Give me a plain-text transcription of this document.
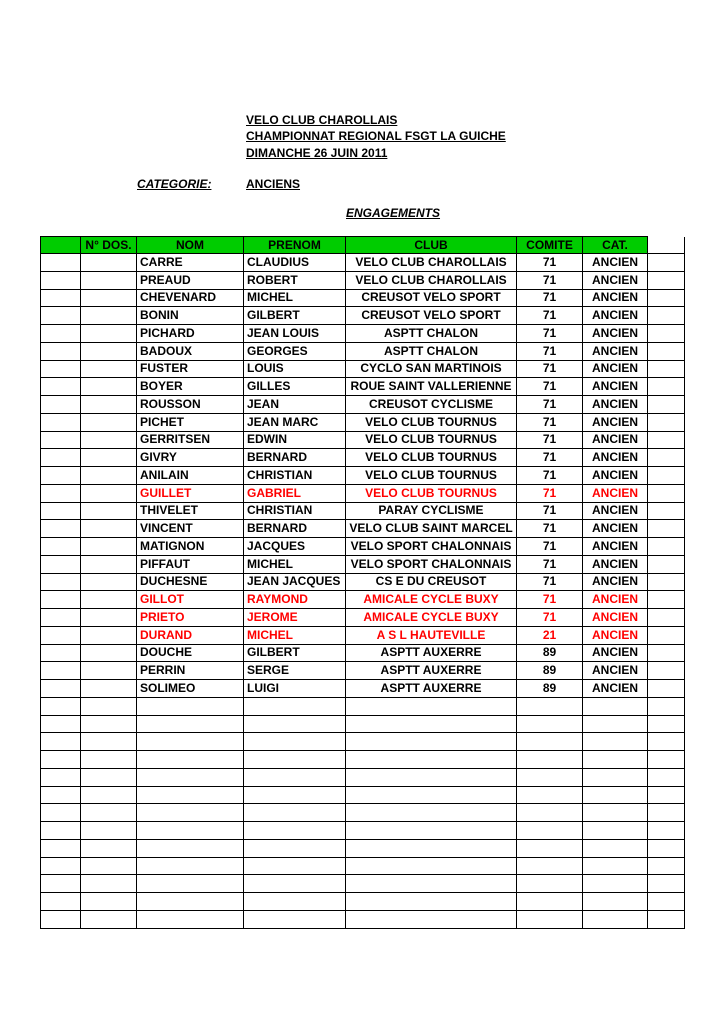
VELO CLUB CHAROLLAIS
CHAMPIONNAT REGIONAL FSGT LA GUICHE
DIMANCHE 26 JUIN 2011
CATEGORIE:	ANCIENS
ENGAGEMENTS
	N° DOS.	NOM	PRENOM	CLUB	COMITE	CAT.	
		CARRE	CLAUDIUS	VELO CLUB CHAROLLAIS	71	ANCIEN	
		PREAUD	ROBERT	VELO CLUB CHAROLLAIS	71	ANCIEN	
		CHEVENARD	MICHEL	CREUSOT VELO SPORT	71	ANCIEN	
		BONIN	GILBERT	CREUSOT VELO SPORT	71	ANCIEN	
		PICHARD	JEAN LOUIS	ASPTT CHALON	71	ANCIEN	
		BADOUX	GEORGES	ASPTT CHALON	71	ANCIEN	
		FUSTER	LOUIS	CYCLO SAN MARTINOIS	71	ANCIEN	
		BOYER	GILLES	ROUE SAINT VALLERIENNE	71	ANCIEN	
		ROUSSON	JEAN	CREUSOT CYCLISME	71	ANCIEN	
		PICHET	JEAN MARC	VELO CLUB TOURNUS	71	ANCIEN	
		GERRITSEN	EDWIN	VELO CLUB TOURNUS	71	ANCIEN	
		GIVRY	BERNARD	VELO CLUB TOURNUS	71	ANCIEN	
		ANILAIN	CHRISTIAN	VELO CLUB TOURNUS	71	ANCIEN	
		GUILLET	GABRIEL	VELO CLUB TOURNUS	71	ANCIEN	
		THIVELET	CHRISTIAN	PARAY CYCLISME	71	ANCIEN	
		VINCENT	BERNARD	VELO CLUB SAINT MARCEL	71	ANCIEN	
		MATIGNON	JACQUES	VELO SPORT CHALONNAIS	71	ANCIEN	
		PIFFAUT	MICHEL	VELO SPORT CHALONNAIS	71	ANCIEN	
		DUCHESNE	JEAN JACQUES	CS E DU CREUSOT	71	ANCIEN	
		GILLOT	RAYMOND	AMICALE CYCLE BUXY	71	ANCIEN	
		PRIETO	JEROME	AMICALE CYCLE BUXY	71	ANCIEN	
		DURAND	MICHEL	A S L HAUTEVILLE	21	ANCIEN	
		DOUCHE	GILBERT	ASPTT AUXERRE	89	ANCIEN	
		PERRIN	SERGE	ASPTT AUXERRE	89	ANCIEN	
		SOLIMEO	LUIGI	ASPTT AUXERRE	89	ANCIEN	
